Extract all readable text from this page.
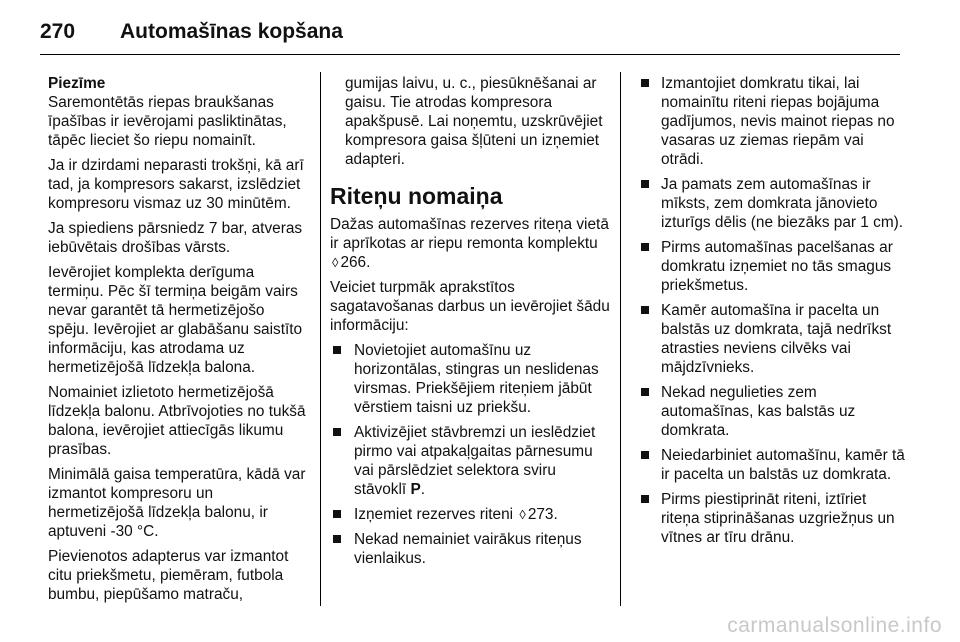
270 Automašīnas kopšana
Piezīme

Saremontētās riepas braukšanas īpašības ir ievērojami pasliktinātas, tāpēc lieciet šo riepu nomainīt.

Ja ir dzirdami neparasti trokšņi, kā arī tad, ja kompresors sakarst, izslēdziet kompresoru vismaz uz 30 minūtēm.

Ja spiediens pārsniedz 7 bar, atveras iebūvētais drošības vārsts.

Ievērojiet komplekta derīguma termiņu. Pēc šī termiņa beigām vairs nevar garantēt tā hermetizējošo spēju. Ievērojiet ar glabāšanu saistīto informāciju, kas atrodama uz hermetizējošā līdzekļa balona.

Nomainiet izlietoto hermetizējošā līdzekļa balonu. Atbrīvojoties no tukšā balona, ievērojiet attiecīgās likumu prasības.

Minimālā gaisa temperatūra, kādā var izmantot kompresoru un hermetizējošā līdzekļa balonu, ir aptuveni -30 °C.

Pievienotos adapterus var izmantot citu priekšmetu, piemēram, futbola bumbu, piepūšamo matraču,

gumijas laivu, u. c., piesūknēšanai ar gaisu. Tie atrodas kompresora apakšpusē. Lai noņemtu, uzskrūvējiet kompresora gaisa šļūteni un izņemiet adapteri.

Riteņu nomaiņa

Dažas automašīnas rezerves riteņa vietā ir aprīkotas ar riepu remonta komplektu ◊ 266.

Veiciet turpmāk aprakstītos sagatavošanas darbus un ievērojiet šādu informāciju:

Novietojiet automašīnu uz horizontālas, stingras un neslidenas virsmas. Priekšējiem riteņiem jābūt vērstiem taisni uz priekšu.
Aktivizējiet stāvbremzi un ieslēdziet pirmo vai atpakaļgaitas pārnesumu vai pārslēdziet selektora sviru stāvoklī P.
Izņemiet rezerves riteni ◊ 273.
Nekad nemainiet vairākus riteņus vienlaikus.
Izmantojiet domkratu tikai, lai nomainītu riteni riepas bojājuma gadījumos, nevis mainot riepas no vasaras uz ziemas riepām vai otrādi.
Ja pamats zem automašīnas ir mīksts, zem domkrata jānovieto izturīgs dēlis (ne biezāks par 1 cm).
Pirms automašīnas pacelšanas ar domkratu izņemiet no tās smagus priekšmetus.
Kamēr automašīna ir pacelta un balstās uz domkrata, tajā nedrīkst atrasties neviens cilvēks vai mājdzīvnieks.
Nekad negulieties zem automašīnas, kas balstās uz domkrata.
Neiedarbiniet automašīnu, kamēr tā ir pacelta un balstās uz domkrata.
Pirms piestiprināt riteni, iztīriet riteņa stiprināšanas uzgriežņus un vītnes ar tīru drānu.
carmanualsonline.info
